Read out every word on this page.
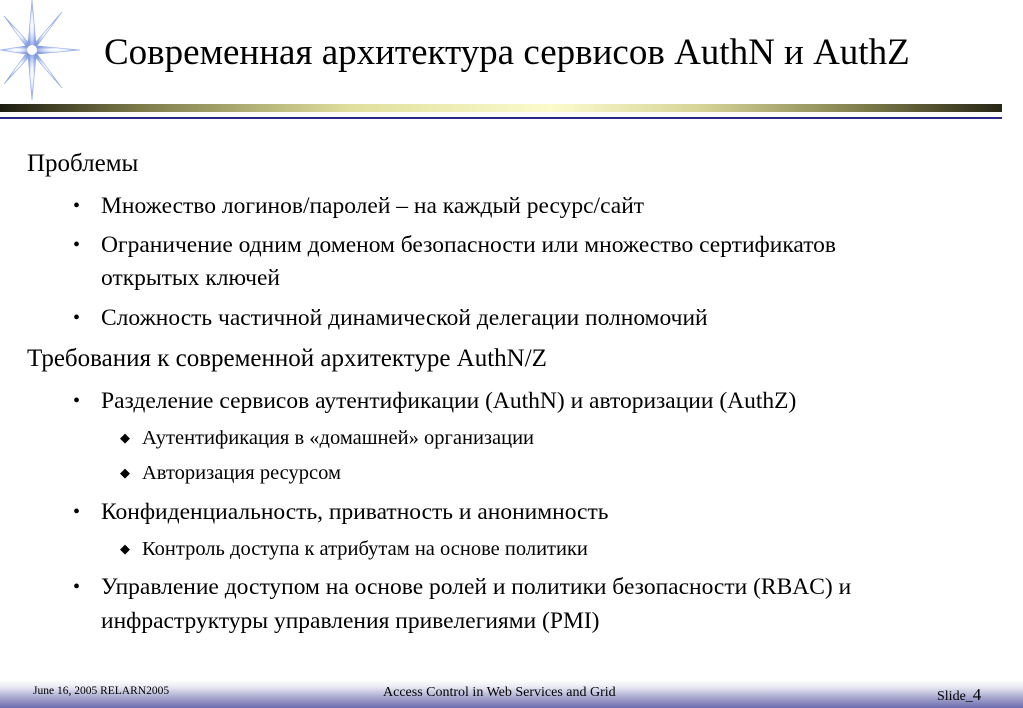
Современная архитектура сервисов AuthN и AuthZ
Проблемы
• Множество логинов/паролей – на каждый ресурс/сайт
• Ограничение одним доменом безопасности или множество сертификатов
открытых ключей
• Сложность частичной динамической делегации полномочий
Требования к современной архитектуре AuthN/Z
• Разделение сервисов аутентификации (AuthN) и авторизации (AuthZ)
◆ Аутентификация в «домашней» организации
◆ Авторизация ресурсом
• Конфиденциальность, приватность и анонимность
◆ Контроль доступа к атрибутам на основе политики
• Управление доступом на основе ролей и политики безопасности (RBAC) и
инфраструктуры управления привелегиями (PMI)
June 16, 2005 RELARN2005	Access Control in Web Services and Grid	Slide_4
